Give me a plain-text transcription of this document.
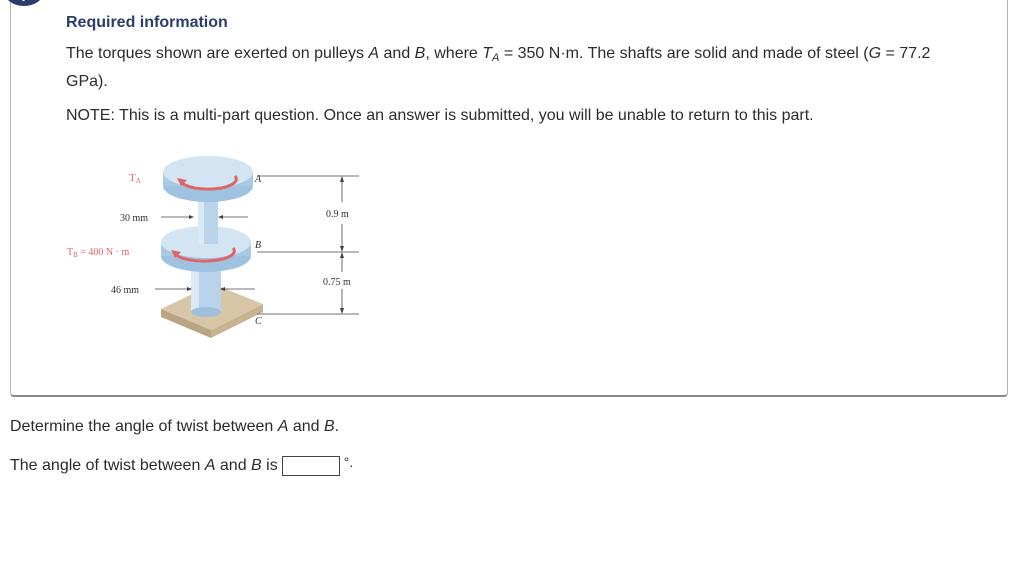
Required information
The torques shown are exerted on pulleys A and B, where $T_A = 350$ N·m. The shafts are solid and made of steel (G = 77.2 GPa).
NOTE: This is a multi-part question. Once an answer is submitted, you will be unable to return to this part.
TA
30 mm
$T_B = 400$ N · m
46 mm
A
B
C
0.9 m
0.75 m
Determine the angle of twist between A and B.
The angle of twist between A and B is	°.
